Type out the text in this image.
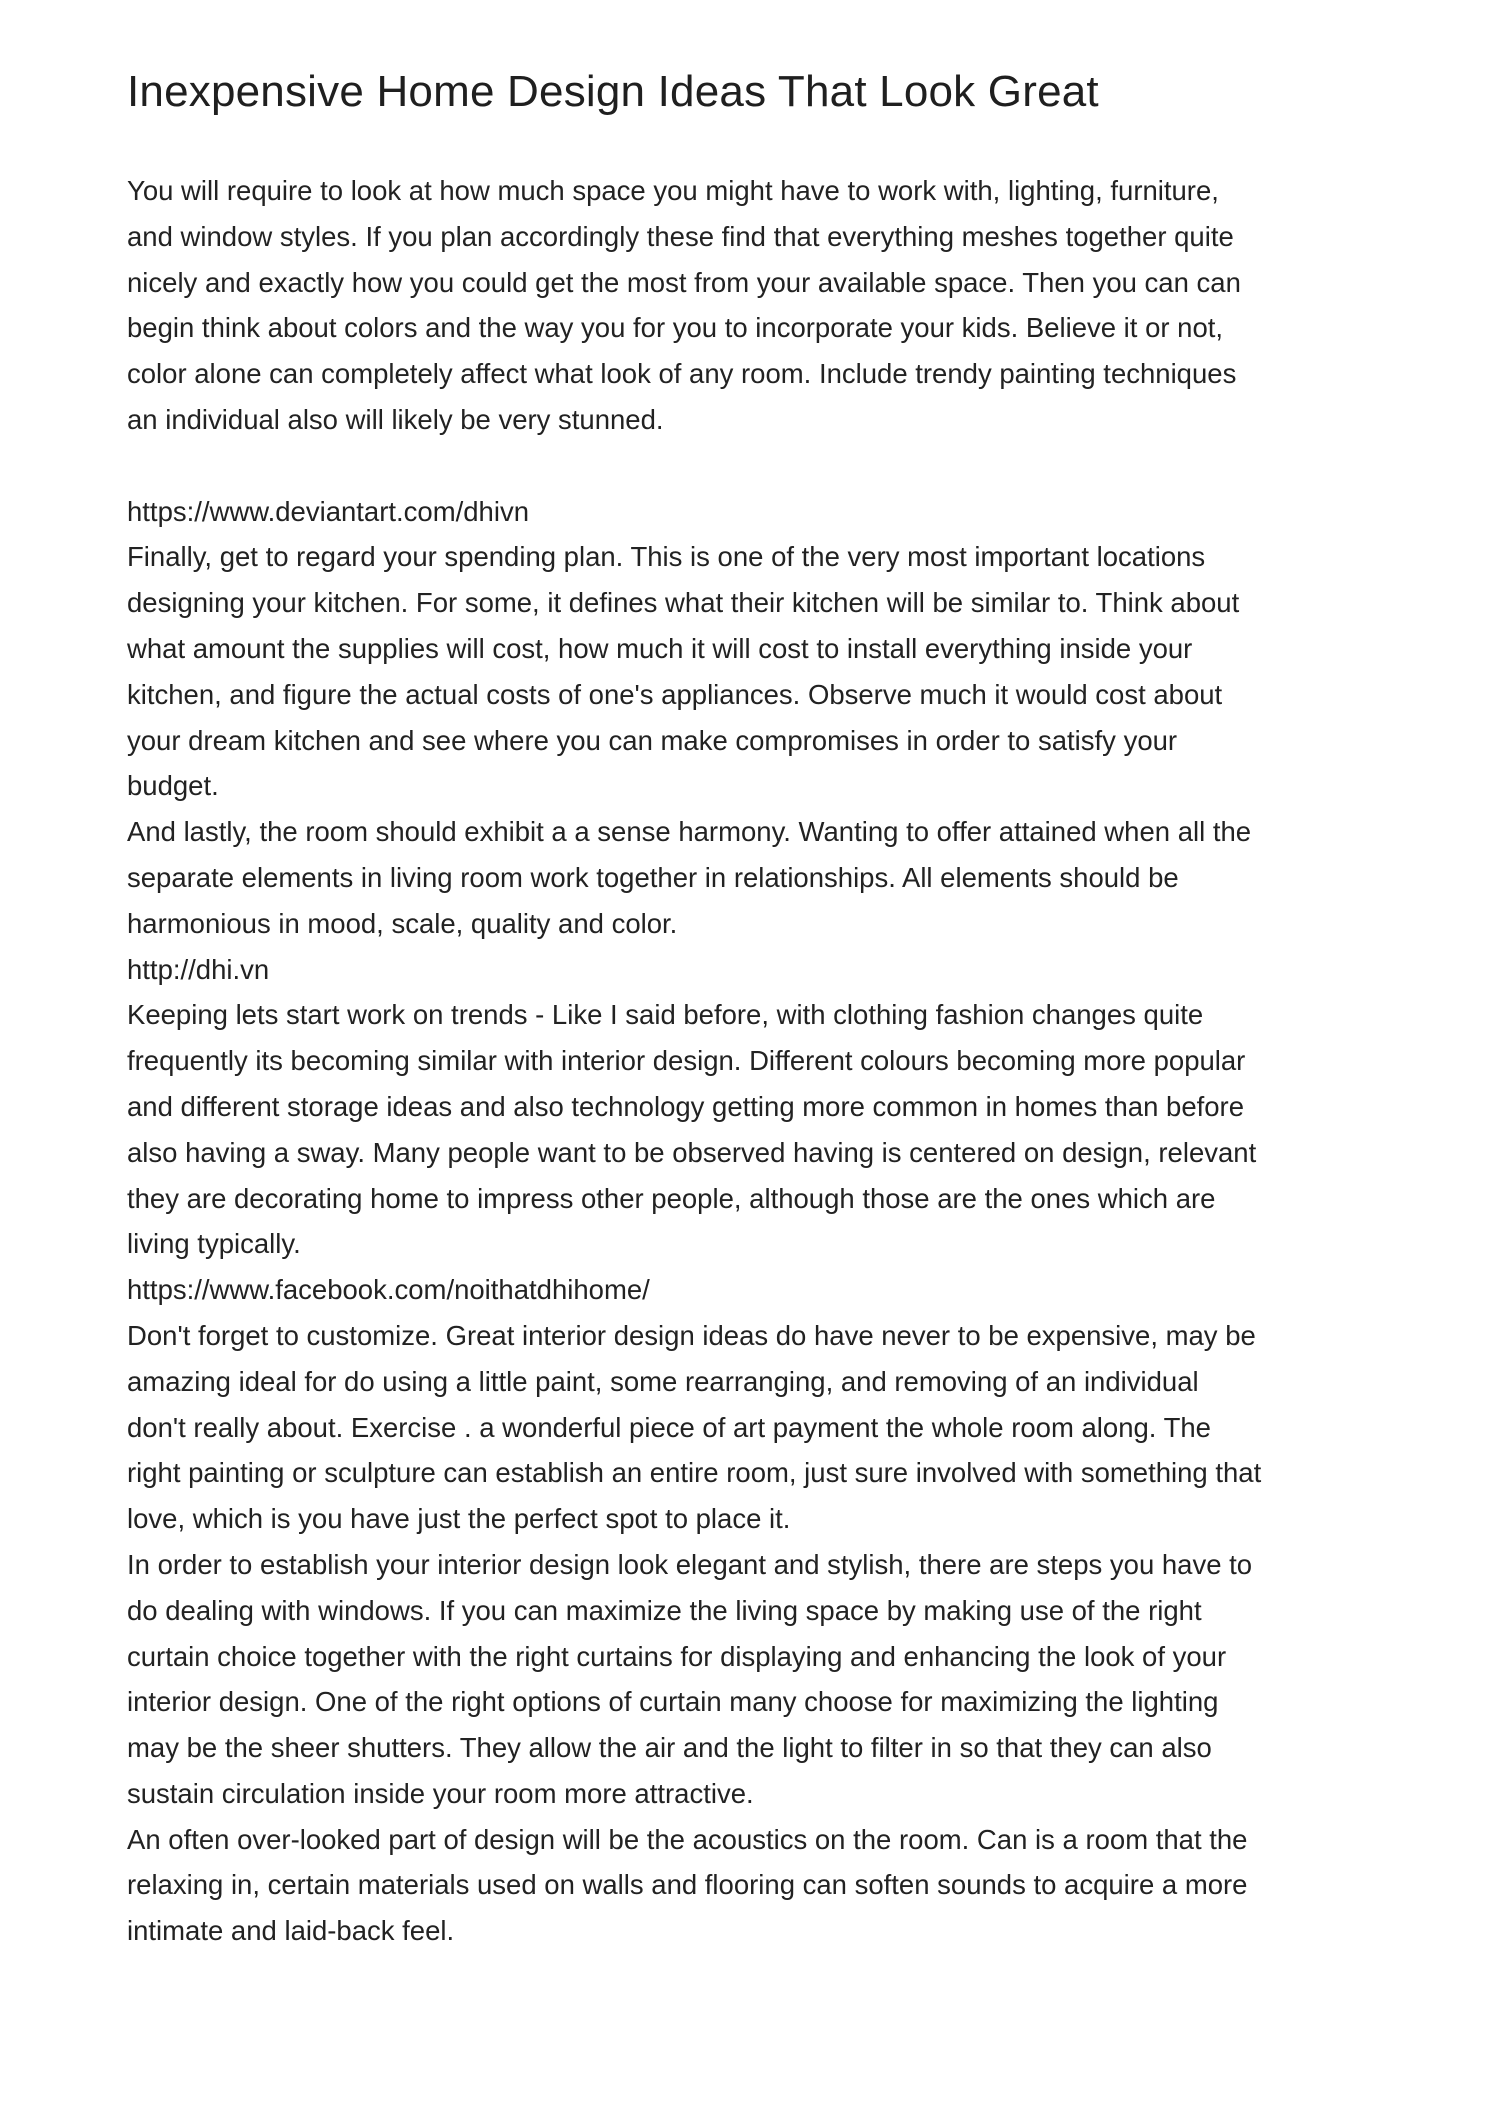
Inexpensive Home Design Ideas That Look Great
You will require to look at how much space you might have to work with, lighting, furniture,
and window styles. If you plan accordingly these find that everything meshes together quite
nicely and exactly how you could get the most from your available space. Then you can can
begin think about colors and the way you for you to incorporate your kids. Believe it or not,
color alone can completely affect what look of any room. Include trendy painting techniques
an individual also will likely be very stunned.
https://www.deviantart.com/dhivn
Finally, get to regard your spending plan. This is one of the very most important locations
designing your kitchen. For some, it defines what their kitchen will be similar to. Think about
what amount the supplies will cost, how much it will cost to install everything inside your
kitchen, and figure the actual costs of one's appliances. Observe much it would cost about
your dream kitchen and see where you can make compromises in order to satisfy your
budget.
And lastly, the room should exhibit a a sense harmony. Wanting to offer attained when all the
separate elements in living room work together in relationships. All elements should be
harmonious in mood, scale, quality and color.
http://dhi.vn
Keeping lets start work on trends - Like I said before, with clothing fashion changes quite
frequently its becoming similar with interior design. Different colours becoming more popular
and different storage ideas and also technology getting more common in homes than before
also having a sway. Many people want to be observed having is centered on design, relevant
they are decorating home to impress other people, although those are the ones which are
living typically.
https://www.facebook.com/noithatdhihome/
Don't forget to customize. Great interior design ideas do have never to be expensive, may be
amazing ideal for do using a little paint, some rearranging, and removing of an individual
don't really about. Exercise . a wonderful piece of art payment the whole room along. The
right painting or sculpture can establish an entire room, just sure involved with something that
love, which is you have just the perfect spot to place it.
In order to establish your interior design look elegant and stylish, there are steps you have to
do dealing with windows. If you can maximize the living space by making use of the right
curtain choice together with the right curtains for displaying and enhancing the look of your
interior design. One of the right options of curtain many choose for maximizing the lighting
may be the sheer shutters. They allow the air and the light to filter in so that they can also
sustain circulation inside your room more attractive.
An often over-looked part of design will be the acoustics on the room. Can is a room that the
relaxing in, certain materials used on walls and flooring can soften sounds to acquire a more
intimate and laid-back feel.
